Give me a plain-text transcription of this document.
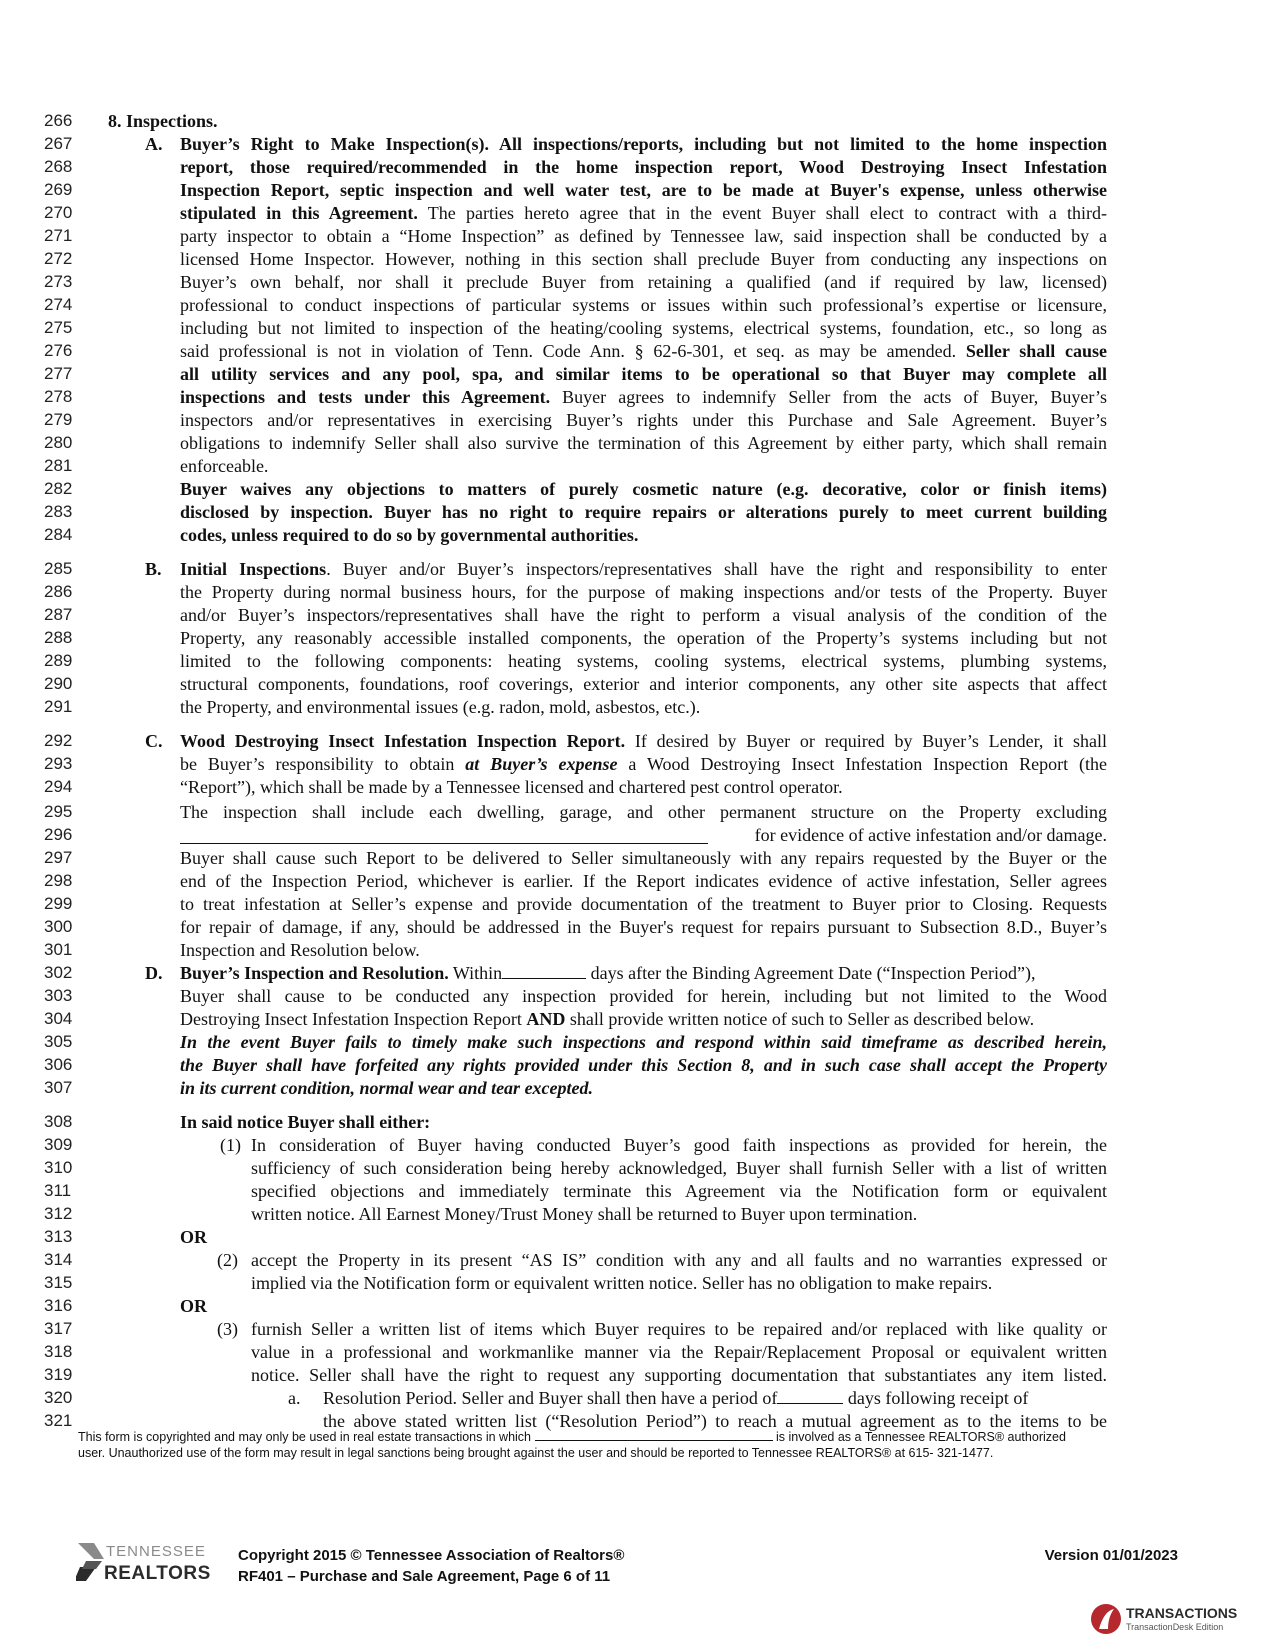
266
267
268
269
270
271
272
273
274
275
276
277
278
279
280
281
282
283
284
285
286
287
288
289
290
291
292
293
294
295
296
297
298
299
300
301
302
303
304
305
306
307
308
309
310
311
312
313
314
315
316
317
318
319
320
321
8. Inspections.
A. Buyer’s Right to Make Inspection(s). All inspections/reports, including but not limited to the home inspection
report, those required/recommended in the home inspection report, Wood Destroying Insect Infestation
Inspection Report, septic inspection and well water test, are to be made at Buyer's expense, unless otherwise
stipulated in this Agreement. The parties hereto agree that in the event Buyer shall elect to contract with a third-
party inspector to obtain a “Home Inspection” as defined by Tennessee law, said inspection shall be conducted by a
licensed Home Inspector. However, nothing in this section shall preclude Buyer from conducting any inspections on
Buyer’s own behalf, nor shall it preclude Buyer from retaining a qualified (and if required by law, licensed)
professional to conduct inspections of particular systems or issues within such professional’s expertise or licensure,
including but not limited to inspection of the heating/cooling systems, electrical systems, foundation, etc., so long as
said professional is not in violation of Tenn. Code Ann. § 62-6-301, et seq. as may be amended. Seller shall cause
all utility services and any pool, spa, and similar items to be operational so that Buyer may complete all
inspections and tests under this Agreement. Buyer agrees to indemnify Seller from the acts of Buyer, Buyer’s
inspectors and/or representatives in exercising Buyer’s rights under this Purchase and Sale Agreement. Buyer’s
obligations to indemnify Seller shall also survive the termination of this Agreement by either party, which shall remain
enforceable.
Buyer waives any objections to matters of purely cosmetic nature (e.g. decorative, color or finish items)
disclosed by inspection. Buyer has no right to require repairs or alterations purely to meet current building
codes, unless required to do so by governmental authorities.
B. Initial Inspections. Buyer and/or Buyer’s inspectors/representatives shall have the right and responsibility to enter
the Property during normal business hours, for the purpose of making inspections and/or tests of the Property. Buyer
and/or Buyer’s inspectors/representatives shall have the right to perform a visual analysis of the condition of the
Property, any reasonably accessible installed components, the operation of the Property’s systems including but not
limited to the following components: heating systems, cooling systems, electrical systems, plumbing systems,
structural components, foundations, roof coverings, exterior and interior components, any other site aspects that affect
the Property, and environmental issues (e.g. radon, mold, asbestos, etc.).
C. Wood Destroying Insect Infestation Inspection Report. If desired by Buyer or required by Buyer’s Lender, it shall
be Buyer’s responsibility to obtain at Buyer’s expense a Wood Destroying Insect Infestation Inspection Report (the
“Report”), which shall be made by a Tennessee licensed and chartered pest control operator.
The inspection shall include each dwelling, garage, and other permanent structure on the Property excluding
for evidence of active infestation and/or damage.
Buyer shall cause such Report to be delivered to Seller simultaneously with any repairs requested by the Buyer or the
end of the Inspection Period, whichever is earlier. If the Report indicates evidence of active infestation, Seller agrees
to treat infestation at Seller’s expense and provide documentation of the treatment to Buyer prior to Closing. Requests
for repair of damage, if any, should be addressed in the Buyer's request for repairs pursuant to Subsection 8.D., Buyer’s
Inspection and Resolution below.
D. Buyer’s Inspection and Resolution. Within	days after the Binding Agreement Date (“Inspection Period”),
Buyer shall cause to be conducted any inspection provided for herein, including but not limited to the Wood
Destroying Insect Infestation Inspection Report AND shall provide written notice of such to Seller as described below.
In the event Buyer fails to timely make such inspections and respond within said timeframe as described herein,
the Buyer shall have forfeited any rights provided under this Section 8, and in such case shall accept the Property
in its current condition, normal wear and tear excepted.
In said notice Buyer shall either:
(1) In consideration of Buyer having conducted Buyer’s good faith inspections as provided for herein, the
sufficiency of such consideration being hereby acknowledged, Buyer shall furnish Seller with a list of written
specified objections and immediately terminate this Agreement via the Notification form or equivalent
written notice. All Earnest Money/Trust Money shall be returned to Buyer upon termination.
OR
(2) accept the Property in its present “AS IS” condition with any and all faults and no warranties expressed or
implied via the Notification form or equivalent written notice. Seller has no obligation to make repairs.
OR
(3) furnish Seller a written list of items which Buyer requires to be repaired and/or replaced with like quality or
value in a professional and workmanlike manner via the Repair/Replacement Proposal or equivalent written
notice. Seller shall have the right to request any supporting documentation that substantiates any item listed.
a. Resolution Period. Seller and Buyer shall then have a period of	days following receipt of
the above stated written list (“Resolution Period”) to reach a mutual agreement as to the items to be
This form is copyrighted and may only be used in real estate transactions in which	is involved as a Tennessee REALTORS® authorized
user. Unauthorized use of the form may result in legal sanctions being brought against the user and should be reported to Tennessee REALTORS® at 615- 321-1477.
TENNESSEE
REALTORS
Copyright 2015 © Tennessee Association of Realtors®
RF401 – Purchase and Sale Agreement, Page 6 of 11
Version 01/01/2023
TRANSACTIONS
TransactionDesk Edition
